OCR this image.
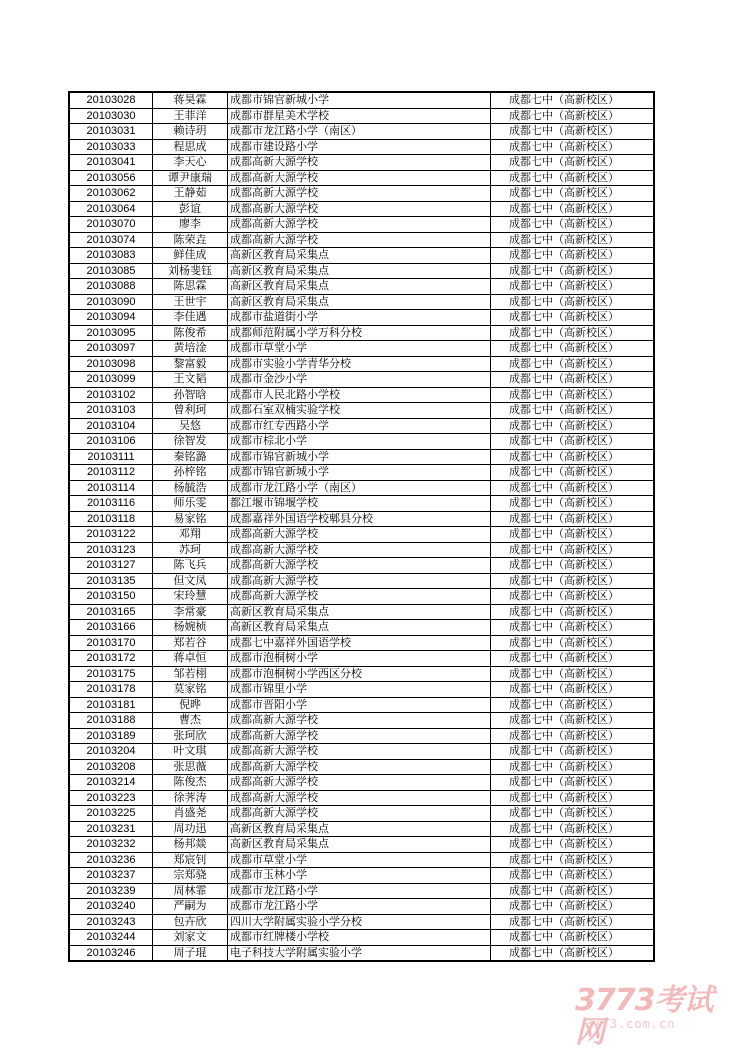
20103028	蒋昊霖	成都市锦官新城小学	成都七中（高新校区）
20103030	王菲洋	成都市群星美术学校	成都七中（高新校区）
20103031	赖诗玥	成都市龙江路小学（南区）	成都七中（高新校区）
20103033	程思成	成都市建设路小学	成都七中（高新校区）
20103041	李天心	成都高新大源学校	成都七中（高新校区）
20103056	谭尹康瑞	成都高新大源学校	成都七中（高新校区）
20103062	王静茹	成都高新大源学校	成都七中（高新校区）
20103064	彭谊	成都高新大源学校	成都七中（高新校区）
20103070	廖李	成都高新大源学校	成都七中（高新校区）
20103074	陈荣垚	成都高新大源学校	成都七中（高新校区）
20103083	鲜佳成	高新区教育局采集点	成都七中（高新校区）
20103085	刘杨斐钰	高新区教育局采集点	成都七中（高新校区）
20103088	陈思霖	高新区教育局采集点	成都七中（高新校区）
20103090	王世宇	高新区教育局采集点	成都七中（高新校区）
20103094	李佳遇	成都市盐道街小学	成都七中（高新校区）
20103095	陈俊希	成都师范附属小学万科分校	成都七中（高新校区）
20103097	黄培淦	成都市草堂小学	成都七中（高新校区）
20103098	黎富毅	成都市实验小学青华分校	成都七中（高新校区）
20103099	王文韬	成都市金沙小学	成都七中（高新校区）
20103102	孙智晗	成都市人民北路小学校	成都七中（高新校区）
20103103	曾利珂	成都石室双楠实验学校	成都七中（高新校区）
20103104	吴悠	成都市红专西路小学	成都七中（高新校区）
20103106	徐智发	成都市棕北小学	成都七中（高新校区）
20103111	秦铭潞	成都市锦官新城小学	成都七中（高新校区）
20103112	孙梓铭	成都市锦官新城小学	成都七中（高新校区）
20103114	杨毓浩	成都市龙江路小学（南区）	成都七中（高新校区）
20103116	师乐雯	都江堰市锦堰学校	成都七中（高新校区）
20103118	易家铭	成都嘉祥外国语学校郫县分校	成都七中（高新校区）
20103122	邓翔	成都高新大源学校	成都七中（高新校区）
20103123	苏珂	成都高新大源学校	成都七中（高新校区）
20103127	陈飞兵	成都高新大源学校	成都七中（高新校区）
20103135	但文凤	成都高新大源学校	成都七中（高新校区）
20103150	宋玲慧	成都高新大源学校	成都七中（高新校区）
20103165	李常豪	高新区教育局采集点	成都七中（高新校区）
20103166	杨婉桢	高新区教育局采集点	成都七中（高新校区）
20103170	郑若谷	成都七中嘉祥外国语学校	成都七中（高新校区）
20103172	蒋卓恒	成都市泡桐树小学	成都七中（高新校区）
20103175	邹若栩	成都市泡桐树小学西区分校	成都七中（高新校区）
20103178	莫家铭	成都市锦里小学	成都七中（高新校区）
20103181	倪晔	成都市晋阳小学	成都七中（高新校区）
20103188	曹杰	成都高新大源学校	成都七中（高新校区）
20103189	张珂欣	成都高新大源学校	成都七中（高新校区）
20103204	叶文琪	成都高新大源学校	成都七中（高新校区）
20103208	张思薇	成都高新大源学校	成都七中（高新校区）
20103214	陈俊杰	成都高新大源学校	成都七中（高新校区）
20103223	徐荠涛	成都高新大源学校	成都七中（高新校区）
20103225	肖盛尧	成都高新大源学校	成都七中（高新校区）
20103231	周功迅	高新区教育局采集点	成都七中（高新校区）
20103232	杨邦燚	高新区教育局采集点	成都七中（高新校区）
20103236	郑宸钊	成都市草堂小学	成都七中（高新校区）
20103237	宗郑骁	成都市玉林小学	成都七中（高新校区）
20103239	周林霏	成都市龙江路小学	成都七中（高新校区）
20103240	严嗣为	成都市龙江路小学	成都七中（高新校区）
20103243	包卉欣	四川大学附属实验小学分校	成都七中（高新校区）
20103244	刘家文	成都市红牌楼小学校	成都七中（高新校区）
20103246	周子琨	电子科技大学附属实验小学	成都七中（高新校区）
3773考试网
3773.com.cn
